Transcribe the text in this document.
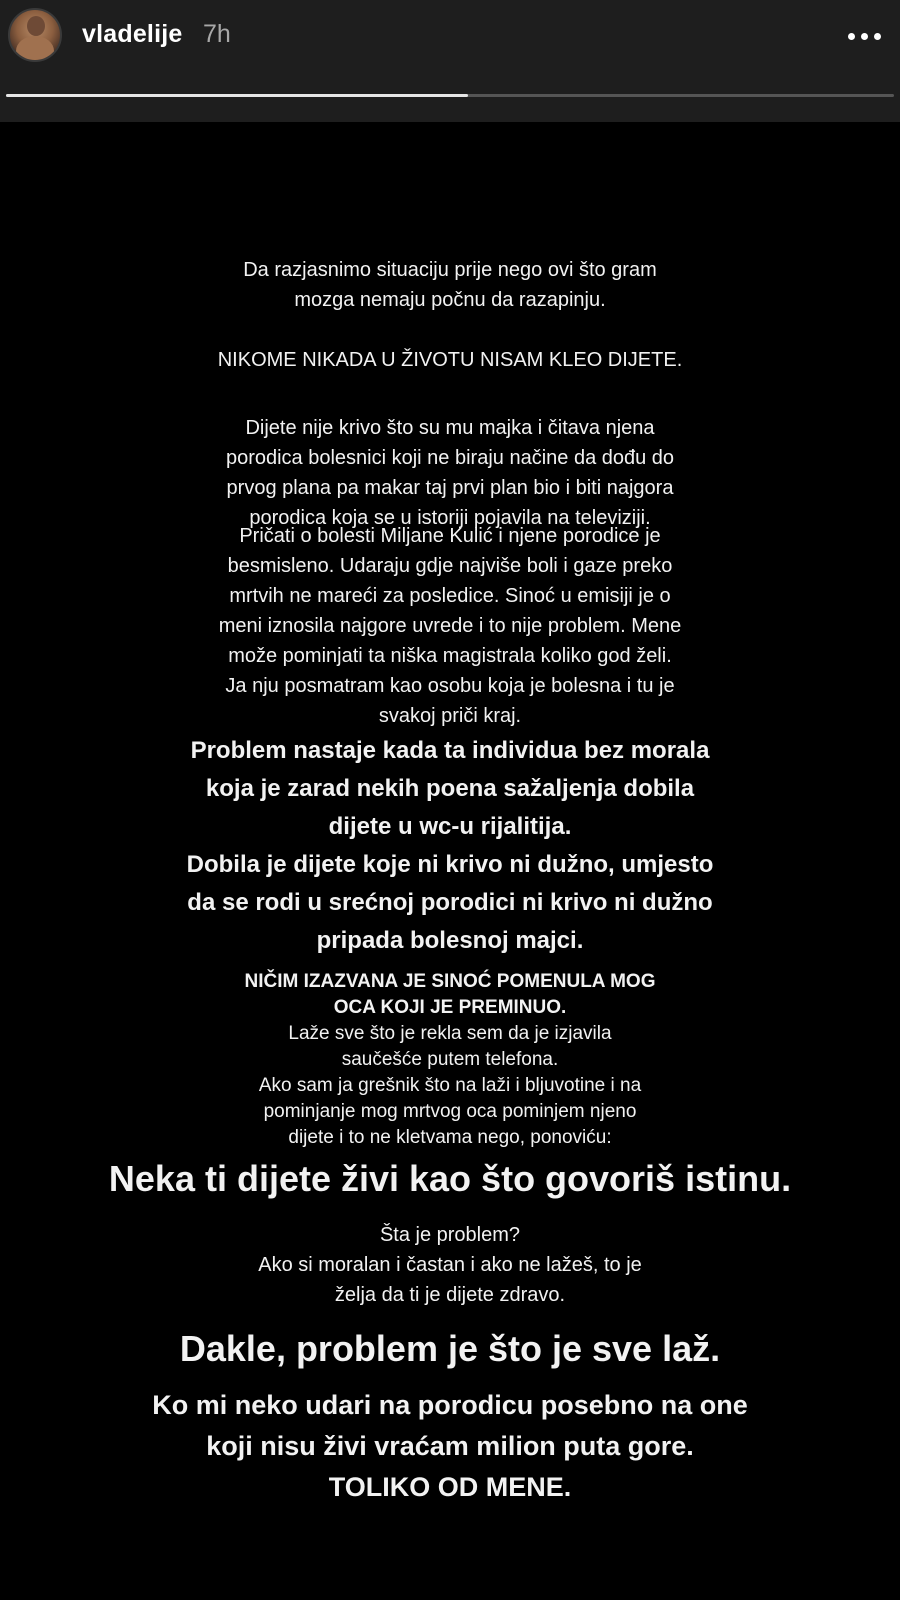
vladelije 7h
Da razjasnimo situaciju prije nego ovi što gram
mozga nemaju počnu da razapinju.
NIKOME NIKADA U ŽIVOTU NISAM KLEO DIJETE.
Dijete nije krivo što su mu majka i čitava njena
porodica bolesnici koji ne biraju načine da dođu do
prvog plana pa makar taj prvi plan bio i biti najgora
porodica koja se u istoriji pojavila na televiziji.
Pričati o bolesti Miljane Kulić i njene porodice je
besmisleno. Udaraju gdje najviše boli i gaze preko
mrtvih ne mareći za posledice. Sinoć u emisiji je o
meni iznosila najgore uvrede i to nije problem. Mene
može pominjati ta niška magistrala koliko god želi.
Ja nju posmatram kao osobu koja je bolesna i tu je
svakoj priči kraj.
Problem nastaje kada ta individua bez morala
koja je zarad nekih poena sažaljenja dobila
dijete u wc-u rijalitija.
Dobila je dijete koje ni krivo ni dužno, umjesto
da se rodi u srećnoj porodici ni krivo ni dužno
pripada bolesnoj majci.
NIČIM IZAZVANA JE SINOĆ POMENULA MOG
OCA KOJI JE PREMINUO.
Laže sve što je rekla sem da je izjavila
saučešće putem telefona.
Ako sam ja grešnik što na laži i bljuvotine i na
pominjanje mog mrtvog oca pominjem njeno
dijete i to ne kletvama nego, ponoviću:
Neka ti dijete živi kao što govoriš istinu.
Šta je problem?
Ako si moralan i častan i ako ne lažeš, to je
želja da ti je dijete zdravo.
Dakle, problem je što je sve laž.
Ko mi neko udari na porodicu posebno na one
koji nisu živi vraćam milion puta gore.
TOLIKO OD MENE.
